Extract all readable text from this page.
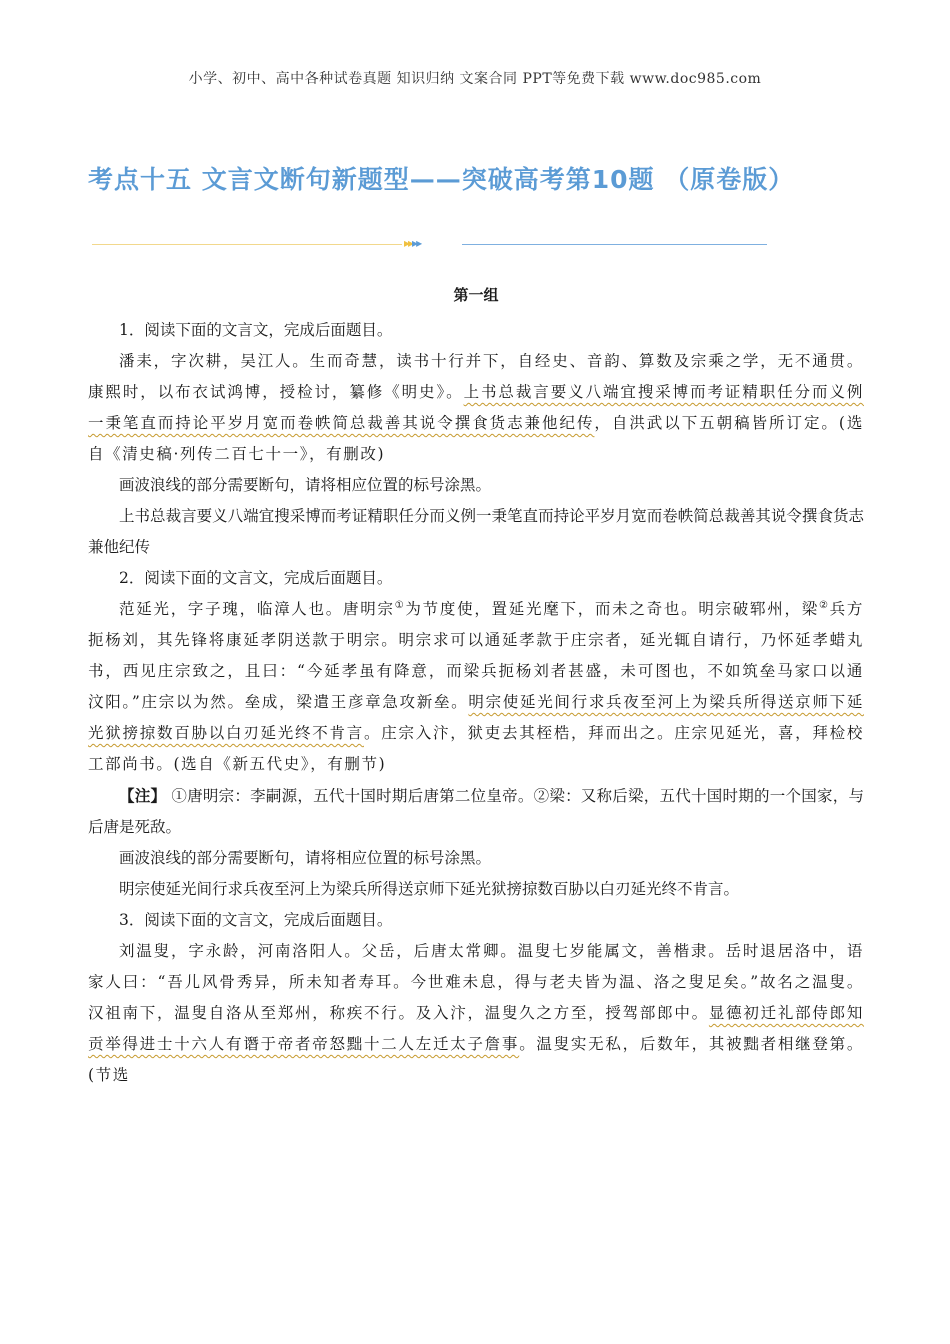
小学、初中、高中各种试卷真题 知识归纳 文案合同 PPT等免费下载 www.doc985.com
考点十五 文言文断句新题型——突破高考第10题 （原卷版）
▸▸▸▸
第一组

1．阅读下面的文言文，完成后面题目。

潘耒，字次耕，吴江人。生而奇慧，读书十行并下，自经史、音韵、算数及宗乘之学，无不通贯。康熙时，以布衣试鸿博，授检讨，纂修《明史》。上书总裁言要义八端宜搜采博而考证精职任分而义例一秉笔直而持论平岁月宽而卷帙简总裁善其说令撰食货志兼他纪传，自洪武以下五朝稿皆所订定。(选自《清史稿·列传二百七十一》，有删改)

画波浪线的部分需要断句，请将相应位置的标号涂黑。

上书总裁言要义八端宜搜采博而考证精职任分而义例一秉笔直而持论平岁月宽而卷帙简总裁善其说令撰食货志兼他纪传

2．阅读下面的文言文，完成后面题目。

范延光，字子瑰，临漳人也。唐明宗①为节度使，置延光麾下，而未之奇也。明宗破郓州，梁②兵方扼杨刘，其先锋将康延孝阴送款于明宗。明宗求可以通延孝款于庄宗者，延光辄自请行，乃怀延孝蜡丸书，西见庄宗致之，且曰：“今延孝虽有降意，而梁兵扼杨刘者甚盛，未可图也，不如筑垒马家口以通汶阳。”庄宗以为然。垒成，梁遣王彦章急攻新垒。明宗使延光间行求兵夜至河上为梁兵所得送京师下延光狱搒掠数百胁以白刃延光终不肯言。庄宗入汴，狱吏去其桎梏，拜而出之。庄宗见延光，喜，拜检校工部尚书。(选自《新五代史》，有删节)

【注】 ①唐明宗：李嗣源，五代十国时期后唐第二位皇帝。②梁：又称后梁，五代十国时期的一个国家，与后唐是死敌。

画波浪线的部分需要断句，请将相应位置的标号涂黑。

明宗使延光间行求兵夜至河上为梁兵所得送京师下延光狱搒掠数百胁以白刃延光终不肯言。

3．阅读下面的文言文，完成后面题目。

刘温叟，字永龄，河南洛阳人。父岳，后唐太常卿。温叟七岁能属文，善楷隶。岳时退居洛中，语家人曰：“吾儿风骨秀异，所未知者寿耳。今世难未息，得与老夫皆为温、洛之叟足矣。”故名之温叟。汉祖南下，温叟自洛从至郑州，称疾不行。及入汴，温叟久之方至，授驾部郎中。显德初迁礼部侍郎知贡举得进士十六人有谮于帝者帝怒黜十二人左迁太子詹事。温叟实无私，后数年，其被黜者相继登第。(节选
